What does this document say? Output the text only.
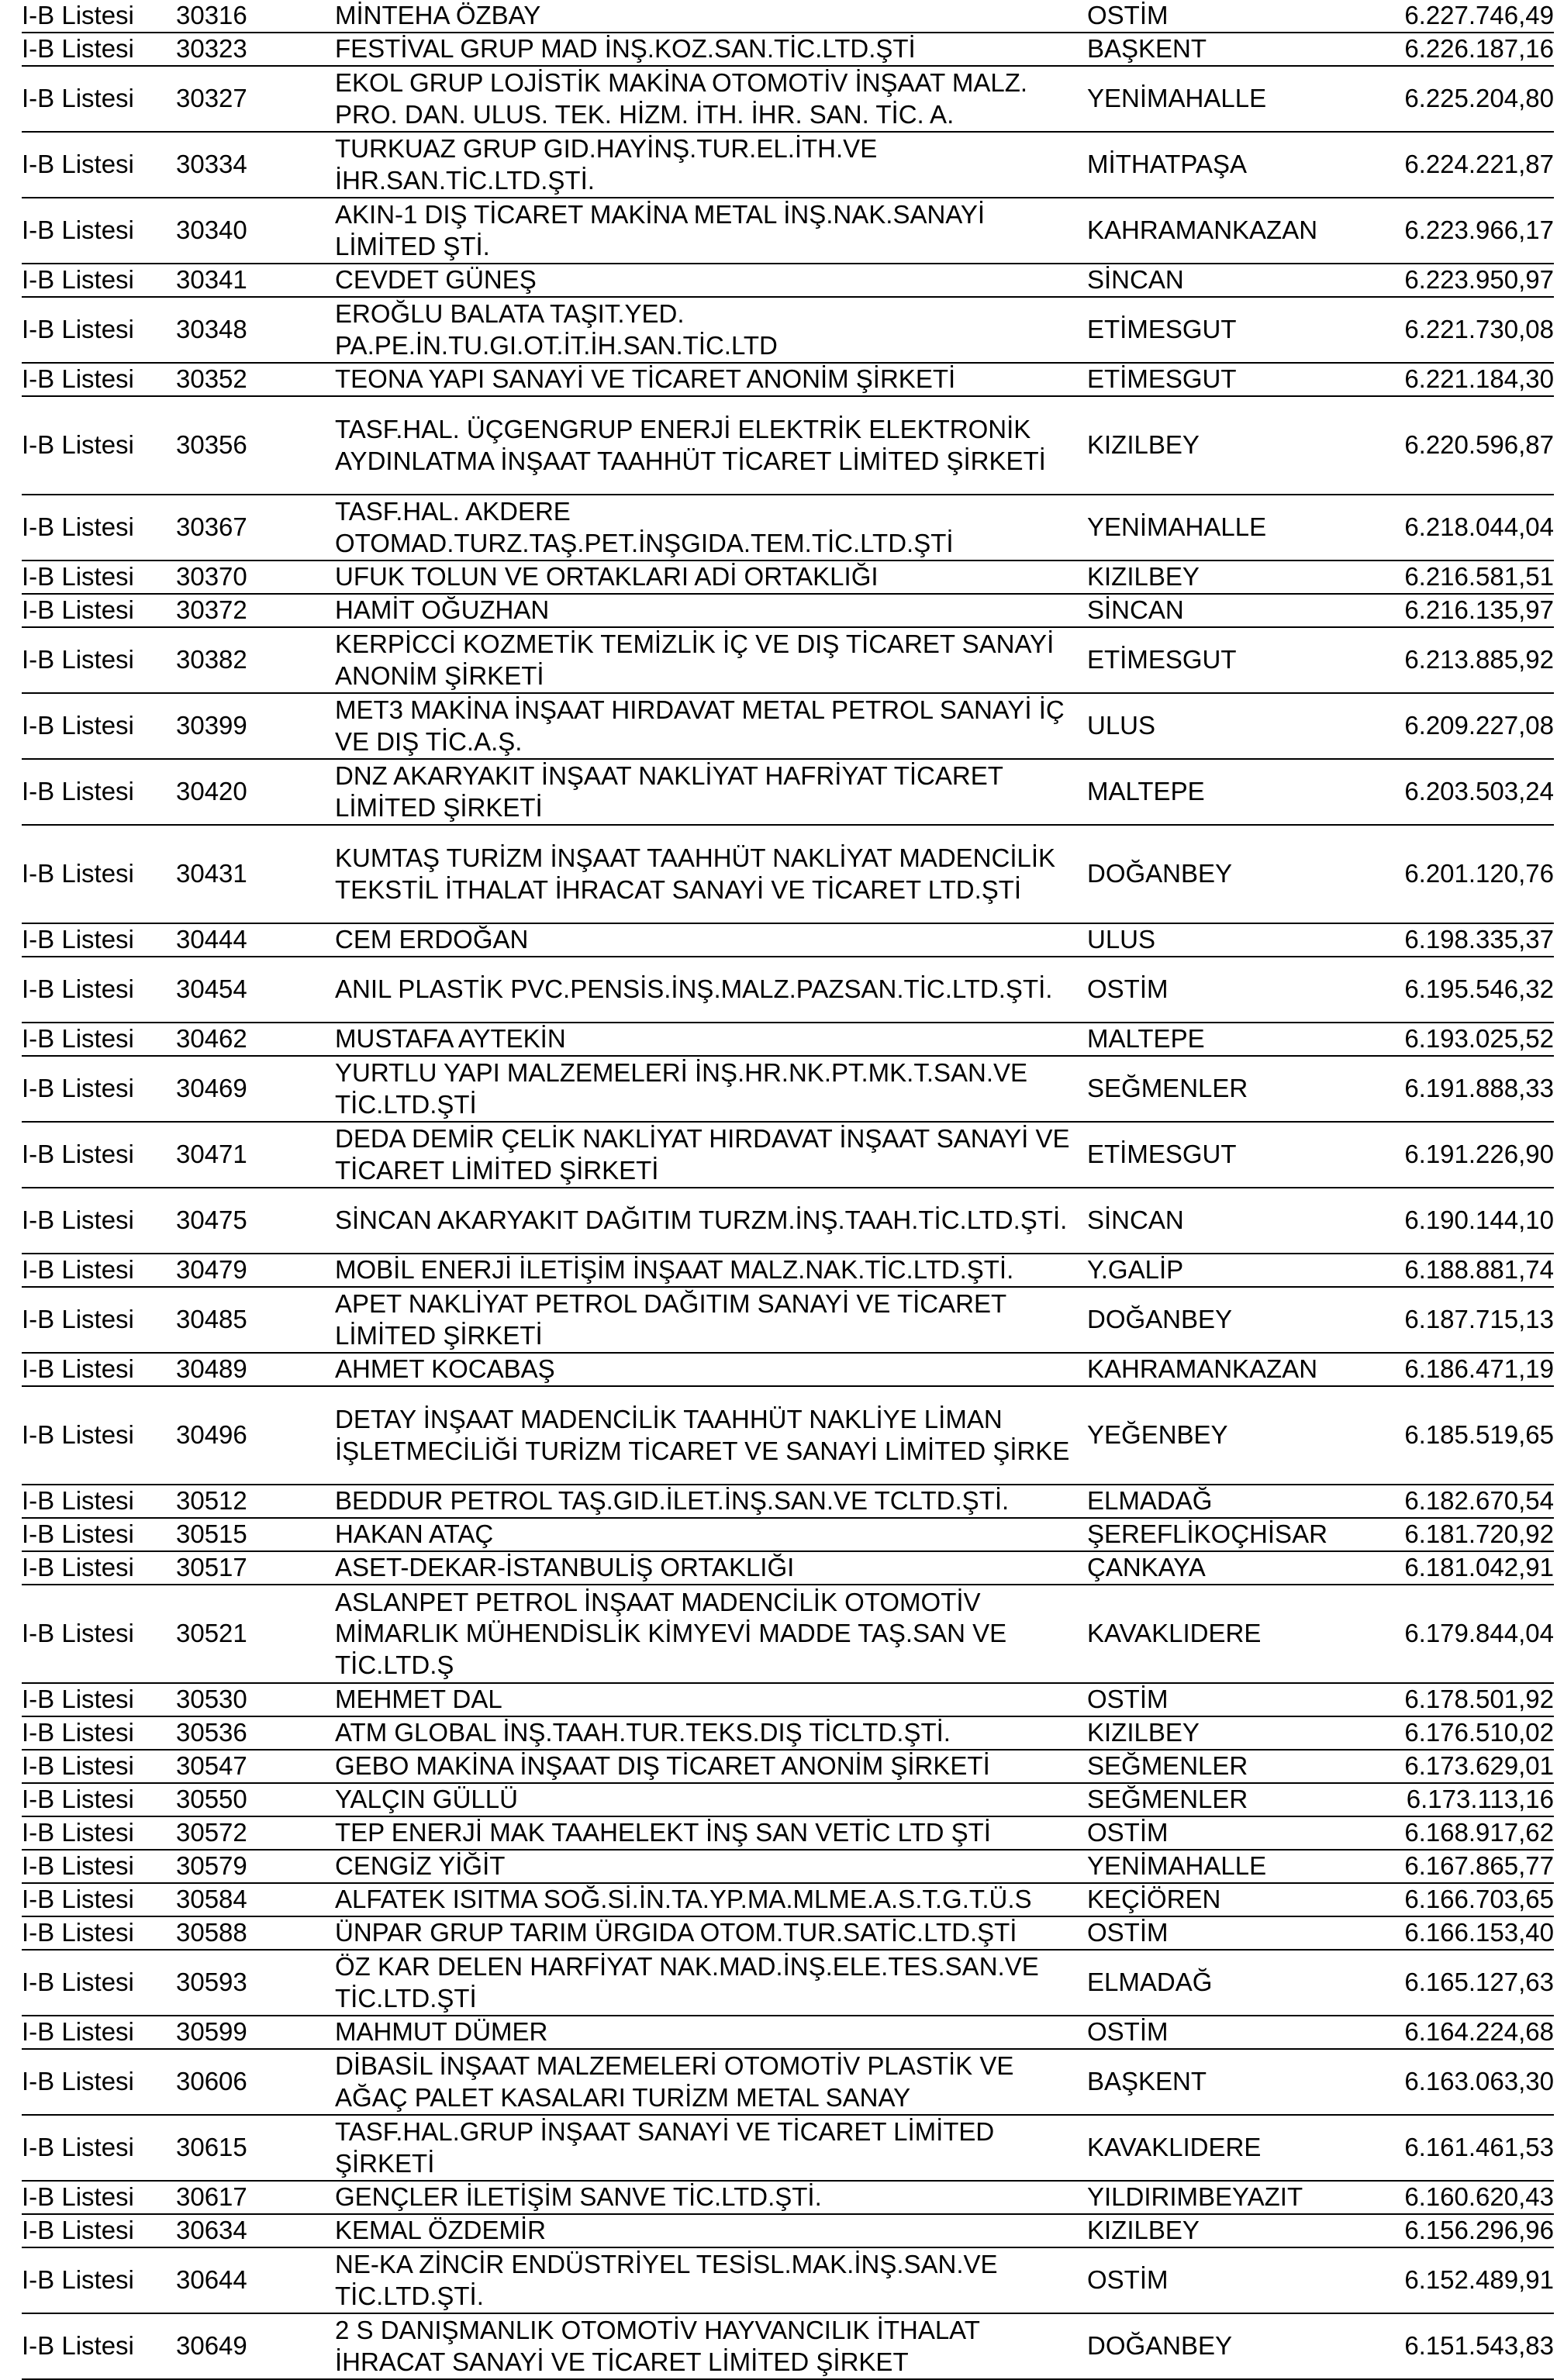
I-B Listesi	30316	MİNTEHA ÖZBAY	OSTİM	6.227.746,49
I-B Listesi	30323	FESTİVAL GRUP MAD İNŞ.KOZ.SAN.TİC.LTD.ŞTİ	BAŞKENT	6.226.187,16
I-B Listesi	30327	EKOL GRUP LOJİSTİK MAKİNA OTOMOTİV İNŞAAT MALZ. PRO. DAN. ULUS. TEK. HİZM. İTH. İHR. SAN. TİC. A.	YENİMAHALLE	6.225.204,80
I-B Listesi	30334	TURKUAZ GRUP GID.HAYİNŞ.TUR.EL.İTH.VE İHR.SAN.TİC.LTD.ŞTİ.	MİTHATPAŞA	6.224.221,87
I-B Listesi	30340	AKIN-1 DIŞ TİCARET MAKİNA METAL İNŞ.NAK.SANAYİ LİMİTED ŞTİ.	KAHRAMANKAZAN	6.223.966,17
I-B Listesi	30341	CEVDET GÜNEŞ	SİNCAN	6.223.950,97
I-B Listesi	30348	EROĞLU BALATA TAŞIT.YED. PA.PE.İN.TU.GI.OT.İT.İH.SAN.TİC.LTD	ETİMESGUT	6.221.730,08
I-B Listesi	30352	TEONA YAPI SANAYİ VE TİCARET ANONİM ŞİRKETİ	ETİMESGUT	6.221.184,30
I-B Listesi	30356	TASF.HAL. ÜÇGENGRUP ENERJİ ELEKTRİK ELEKTRONİK AYDINLATMA İNŞAAT TAAHHÜT TİCARET LİMİTED ŞİRKETİ	KIZILBEY	6.220.596,87
I-B Listesi	30367	TASF.HAL. AKDERE OTOMAD.TURZ.TAŞ.PET.İNŞGIDA.TEM.TİC.LTD.ŞTİ	YENİMAHALLE	6.218.044,04
I-B Listesi	30370	UFUK TOLUN VE ORTAKLARI ADİ ORTAKLIĞI	KIZILBEY	6.216.581,51
I-B Listesi	30372	HAMİT OĞUZHAN	SİNCAN	6.216.135,97
I-B Listesi	30382	KERPİCCİ KOZMETİK TEMİZLİK İÇ VE DIŞ TİCARET SANAYİ ANONİM ŞİRKETİ	ETİMESGUT	6.213.885,92
I-B Listesi	30399	MET3 MAKİNA İNŞAAT HIRDAVAT METAL PETROL SANAYİ İÇ VE DIŞ TİC.A.Ş.	ULUS	6.209.227,08
I-B Listesi	30420	DNZ AKARYAKIT İNŞAAT NAKLİYAT HAFRİYAT TİCARET LİMİTED ŞİRKETİ	MALTEPE	6.203.503,24
I-B Listesi	30431	KUMTAŞ TURİZM İNŞAAT TAAHHÜT NAKLİYAT MADENCİLİK TEKSTİL İTHALAT İHRACAT SANAYİ VE TİCARET LTD.ŞTİ	DOĞANBEY	6.201.120,76
I-B Listesi	30444	CEM ERDOĞAN	ULUS	6.198.335,37
I-B Listesi	30454	ANIL PLASTİK PVC.PENSİS.İNŞ.MALZ.PAZSAN.TİC.LTD.ŞTİ.	OSTİM	6.195.546,32
I-B Listesi	30462	MUSTAFA AYTEKİN	MALTEPE	6.193.025,52
I-B Listesi	30469	YURTLU YAPI MALZEMELERİ İNŞ.HR.NK.PT.MK.T.SAN.VE TİC.LTD.ŞTİ	SEĞMENLER	6.191.888,33
I-B Listesi	30471	DEDA DEMİR ÇELİK NAKLİYAT HIRDAVAT İNŞAAT SANAYİ VE TİCARET LİMİTED ŞİRKETİ	ETİMESGUT	6.191.226,90
I-B Listesi	30475	SİNCAN AKARYAKIT DAĞITIM TURZM.İNŞ.TAAH.TİC.LTD.ŞTİ.	SİNCAN	6.190.144,10
I-B Listesi	30479	MOBİL ENERJİ İLETİŞİM İNŞAAT MALZ.NAK.TİC.LTD.ŞTİ.	Y.GALİP	6.188.881,74
I-B Listesi	30485	APET NAKLİYAT PETROL DAĞITIM SANAYİ VE TİCARET LİMİTED ŞİRKETİ	DOĞANBEY	6.187.715,13
I-B Listesi	30489	AHMET KOCABAŞ	KAHRAMANKAZAN	6.186.471,19
I-B Listesi	30496	DETAY İNŞAAT MADENCİLİK TAAHHÜT NAKLİYE LİMAN İŞLETMECİLİĞİ TURİZM TİCARET VE SANAYİ LİMİTED ŞİRKE	YEĞENBEY	6.185.519,65
I-B Listesi	30512	BEDDUR PETROL TAŞ.GID.İLET.İNŞ.SAN.VE TCLTD.ŞTİ.	ELMADAĞ	6.182.670,54
I-B Listesi	30515	HAKAN ATAÇ	ŞEREFLİKOÇHİSAR	6.181.720,92
I-B Listesi	30517	ASET-DEKAR-İSTANBULİŞ ORTAKLIĞI	ÇANKAYA	6.181.042,91
I-B Listesi	30521	ASLANPET PETROL İNŞAAT MADENCİLİK OTOMOTİV MİMARLIK MÜHENDİSLİK KİMYEVİ MADDE TAŞ.SAN VE TİC.LTD.Ş	KAVAKLIDERE	6.179.844,04
I-B Listesi	30530	MEHMET DAL	OSTİM	6.178.501,92
I-B Listesi	30536	ATM GLOBAL İNŞ.TAAH.TUR.TEKS.DIŞ TİCLTD.ŞTİ.	KIZILBEY	6.176.510,02
I-B Listesi	30547	GEBO MAKİNA İNŞAAT DIŞ TİCARET ANONİM ŞİRKETİ	SEĞMENLER	6.173.629,01
I-B Listesi	30550	YALÇIN GÜLLÜ	SEĞMENLER	6.173.113,16
I-B Listesi	30572	TEP ENERJİ MAK TAAHELEKT İNŞ SAN VETİC LTD ŞTİ	OSTİM	6.168.917,62
I-B Listesi	30579	CENGİZ YİĞİT	YENİMAHALLE	6.167.865,77
I-B Listesi	30584	ALFATEK ISITMA SOĞ.Sİ.İN.TA.YP.MA.MLME.A.S.T.G.T.Ü.S	KEÇİÖREN	6.166.703,65
I-B Listesi	30588	ÜNPAR GRUP TARIM ÜRGIDA OTOM.TUR.SATİC.LTD.ŞTİ	OSTİM	6.166.153,40
I-B Listesi	30593	ÖZ KAR DELEN HARFİYAT NAK.MAD.İNŞ.ELE.TES.SAN.VE TİC.LTD.ŞTİ	ELMADAĞ	6.165.127,63
I-B Listesi	30599	MAHMUT DÜMER	OSTİM	6.164.224,68
I-B Listesi	30606	DİBASİL İNŞAAT MALZEMELERİ OTOMOTİV PLASTİK VE AĞAÇ PALET KASALARI TURİZM METAL SANAY	BAŞKENT	6.163.063,30
I-B Listesi	30615	TASF.HAL.GRUP İNŞAAT SANAYİ VE TİCARET LİMİTED ŞİRKETİ	KAVAKLIDERE	6.161.461,53
I-B Listesi	30617	GENÇLER İLETİŞİM SANVE TİC.LTD.ŞTİ.	YILDIRIMBEYAZIT	6.160.620,43
I-B Listesi	30634	KEMAL ÖZDEMİR	KIZILBEY	6.156.296,96
I-B Listesi	30644	NE-KA ZİNCİR ENDÜSTRİYEL TESİSL.MAK.İNŞ.SAN.VE TİC.LTD.ŞTİ.	OSTİM	6.152.489,91
I-B Listesi	30649	2 S DANIŞMANLIK OTOMOTİV HAYVANCILIK İTHALAT İHRACAT SANAYİ VE TİCARET LİMİTED ŞİRKET	DOĞANBEY	6.151.543,83
